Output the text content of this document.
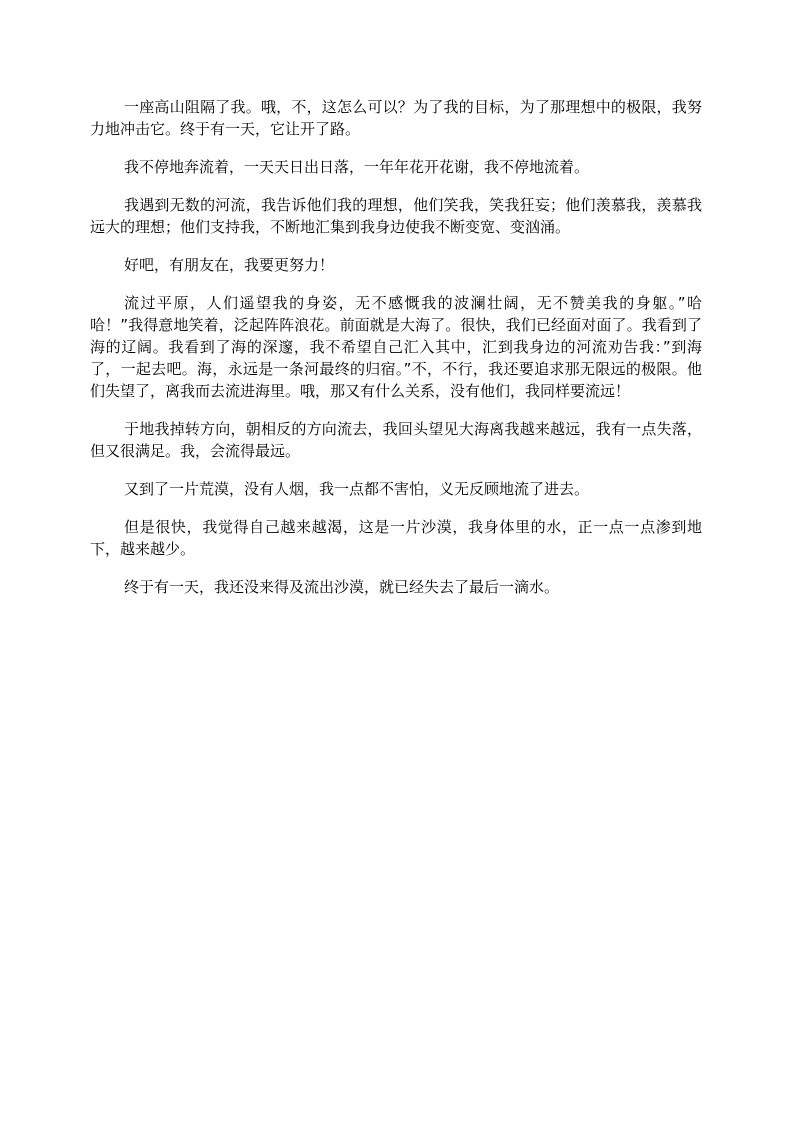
一座高山阻隔了我。哦，不，这怎么可以？为了我的目标，为了那理想中的极限，我努力地冲击它。终于有一天，它让开了路。

我不停地奔流着，一天天日出日落，一年年花开花谢，我不停地流着。

我遇到无数的河流，我告诉他们我的理想，他们笑我，笑我狂妄；他们羡慕我，羡慕我远大的理想；他们支持我，不断地汇集到我身边使我不断变宽、变汹涌。

好吧，有朋友在，我要更努力！

流过平原，人们遥望我的身姿，无不感慨我的波澜壮阔，无不赞美我的身躯。”哈哈！”我得意地笑着，泛起阵阵浪花。前面就是大海了。很快，我们已经面对面了。我看到了海的辽阔。我看到了海的深邃，我不希望自己汇入其中，汇到我身边的河流劝告我：”到海了，一起去吧。海，永远是一条河最终的归宿。”不，不行，我还要追求那无限远的极限。他们失望了，离我而去流进海里。哦，那又有什么关系，没有他们，我同样要流远！

于地我掉转方向，朝相反的方向流去，我回头望见大海离我越来越远，我有一点失落，但又很满足。我，会流得最远。

又到了一片荒漠，没有人烟，我一点都不害怕，义无反顾地流了进去。

但是很快，我觉得自己越来越渴，这是一片沙漠，我身体里的水，正一点一点渗到地下，越来越少。

终于有一天，我还没来得及流出沙漠，就已经失去了最后一滴水。
